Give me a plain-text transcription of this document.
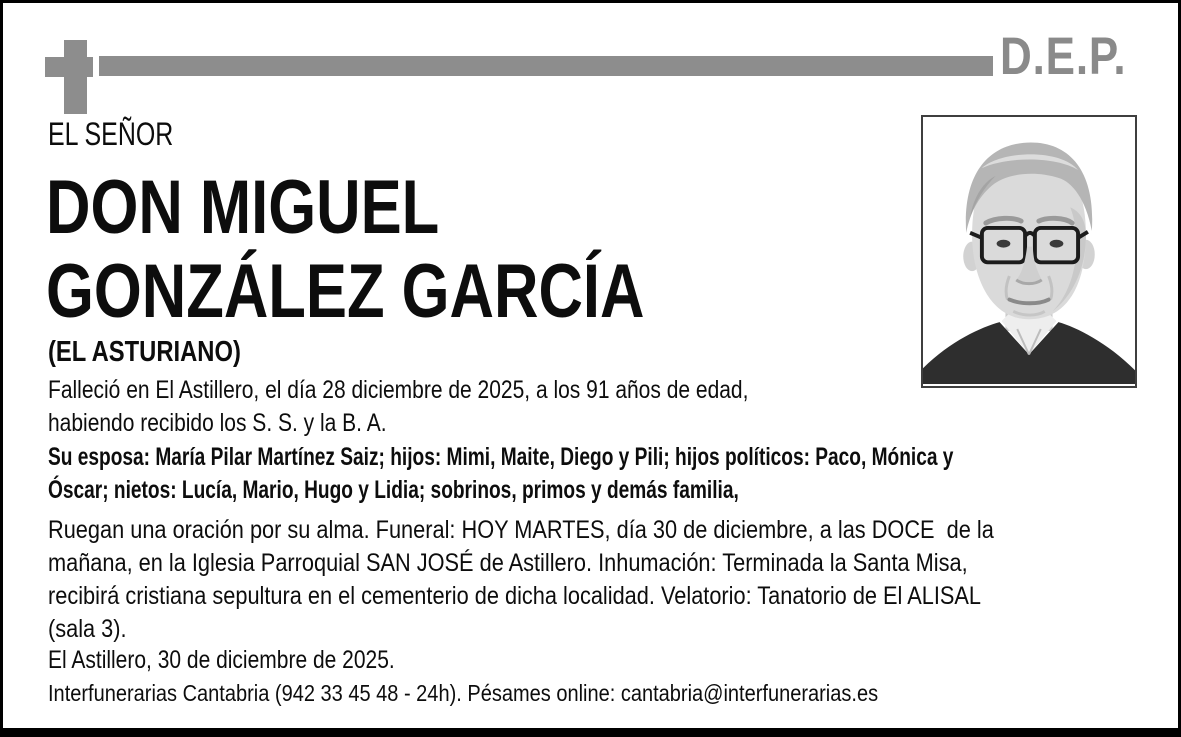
D.E.P.
EL SEÑOR
DON MIGUEL
GONZÁLEZ GARCÍA
(EL ASTURIANO)
Falleció en El Astillero, el día 28 diciembre de 2025, a los 91 años de edad,
habiendo recibido los S. S. y la B. A.
Su esposa: María Pilar Martínez Saiz; hijos: Mimi, Maite, Diego y Pili; hijos políticos: Paco, Mónica y
Óscar; nietos: Lucía, Mario, Hugo y Lidia; sobrinos, primos y demás familia,
Ruegan una oración por su alma. Funeral: HOY MARTES, día 30 de diciembre, a las DOCE  de la
mañana, en la Iglesia Parroquial SAN JOSÉ de Astillero. Inhumación: Terminada la Santa Misa,
recibirá cristiana sepultura en el cementerio de dicha localidad. Velatorio: Tanatorio de El ALISAL
(sala 3).
El Astillero, 30 de diciembre de 2025.
Interfunerarias Cantabria (942 33 45 48 - 24h). Pésames online: cantabria@interfunerarias.es
